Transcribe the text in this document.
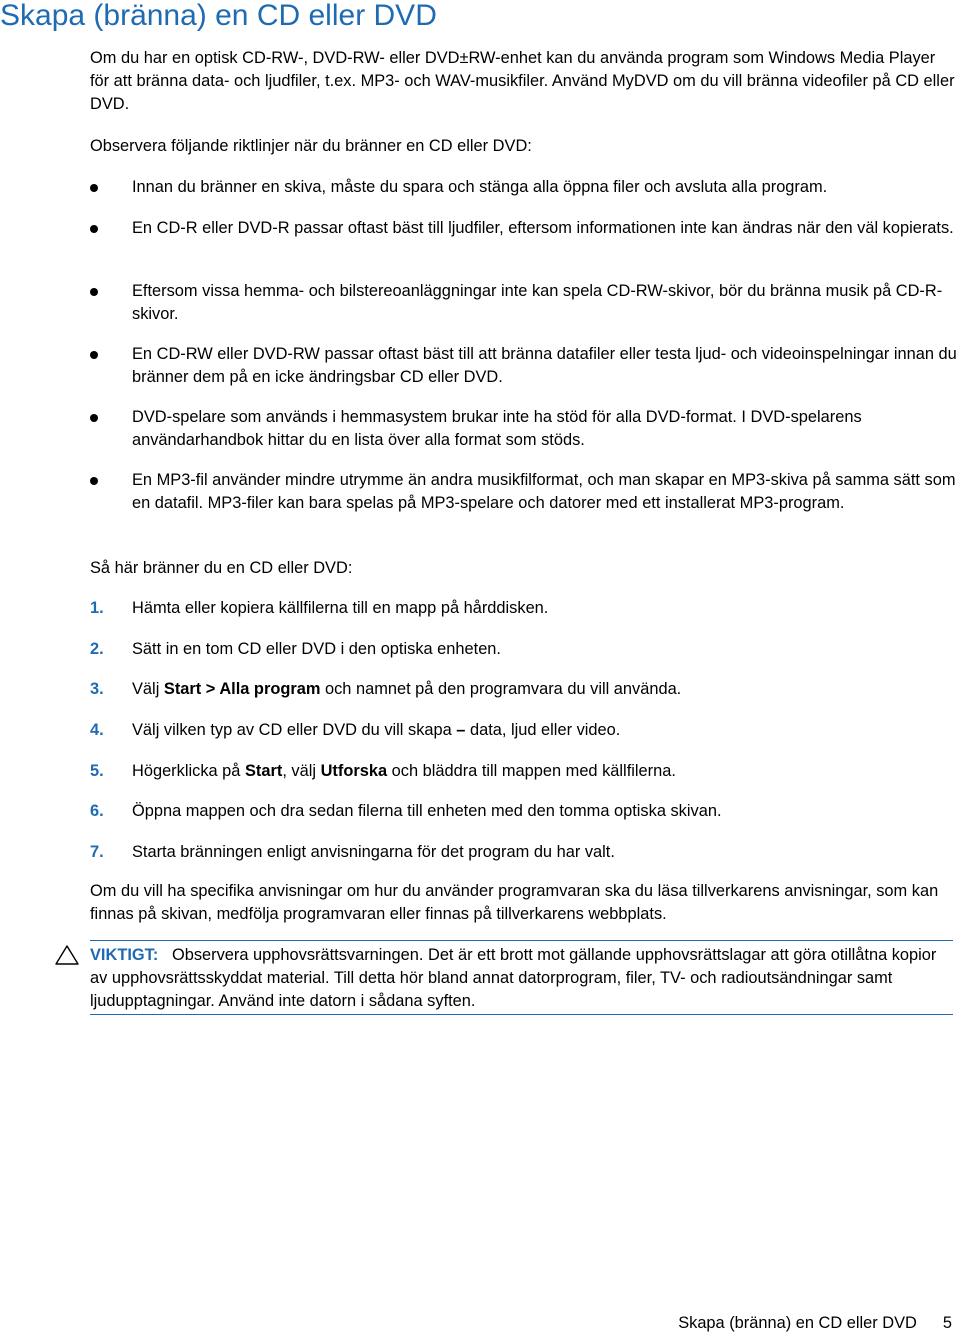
Skapa (bränna) en CD eller DVD

Om du har en optisk CD-RW-, DVD-RW- eller DVD±RW-enhet kan du använda program som Windows Media Player för att bränna data- och ljudfiler, t.ex. MP3- och WAV-musikfiler. Använd MyDVD om du vill bränna videofiler på CD eller DVD.

Observera följande riktlinjer när du bränner en CD eller DVD:

Innan du bränner en skiva, måste du spara och stänga alla öppna filer och avsluta alla program.
En CD-R eller DVD-R passar oftast bäst till ljudfiler, eftersom informationen inte kan ändras när den väl kopierats.
Eftersom vissa hemma- och bilstereoanläggningar inte kan spela CD-RW-skivor, bör du bränna musik på CD-R-skivor.
En CD-RW eller DVD-RW passar oftast bäst till att bränna datafiler eller testa ljud- och videoinspelningar innan du bränner dem på en icke ändringsbar CD eller DVD.
DVD-spelare som används i hemmasystem brukar inte ha stöd för alla DVD-format. I DVD-spelarens användarhandbok hittar du en lista över alla format som stöds.
En MP3-fil använder mindre utrymme än andra musikfilformat, och man skapar en MP3-skiva på samma sätt som en datafil. MP3-filer kan bara spelas på MP3-spelare och datorer med ett installerat MP3-program.

Så här bränner du en CD eller DVD:

1. Hämta eller kopiera källfilerna till en mapp på hårddisken.
2. Sätt in en tom CD eller DVD i den optiska enheten.
3. Välj Start > Alla program och namnet på den programvara du vill använda.
4. Välj vilken typ av CD eller DVD du vill skapa – data, ljud eller video.
5. Högerklicka på Start, välj Utforska och bläddra till mappen med källfilerna.
6. Öppna mappen och dra sedan filerna till enheten med den tomma optiska skivan.
7. Starta bränningen enligt anvisningarna för det program du har valt.

Om du vill ha specifika anvisningar om hur du använder programvaran ska du läsa tillverkarens anvisningar, som kan finnas på skivan, medfölja programvaran eller finnas på tillverkarens webbplats.

VIKTIGT: Observera upphovsrättsvarningen. Det är ett brott mot gällande upphovsrättslagar att göra otillåtna kopior av upphovsrättsskyddat material. Till detta hör bland annat datorprogram, filer, TV- och radioutsändningar samt ljudupptagningar. Använd inte datorn i sådana syften.
Skapa (bränna) en CD eller DVD 5
